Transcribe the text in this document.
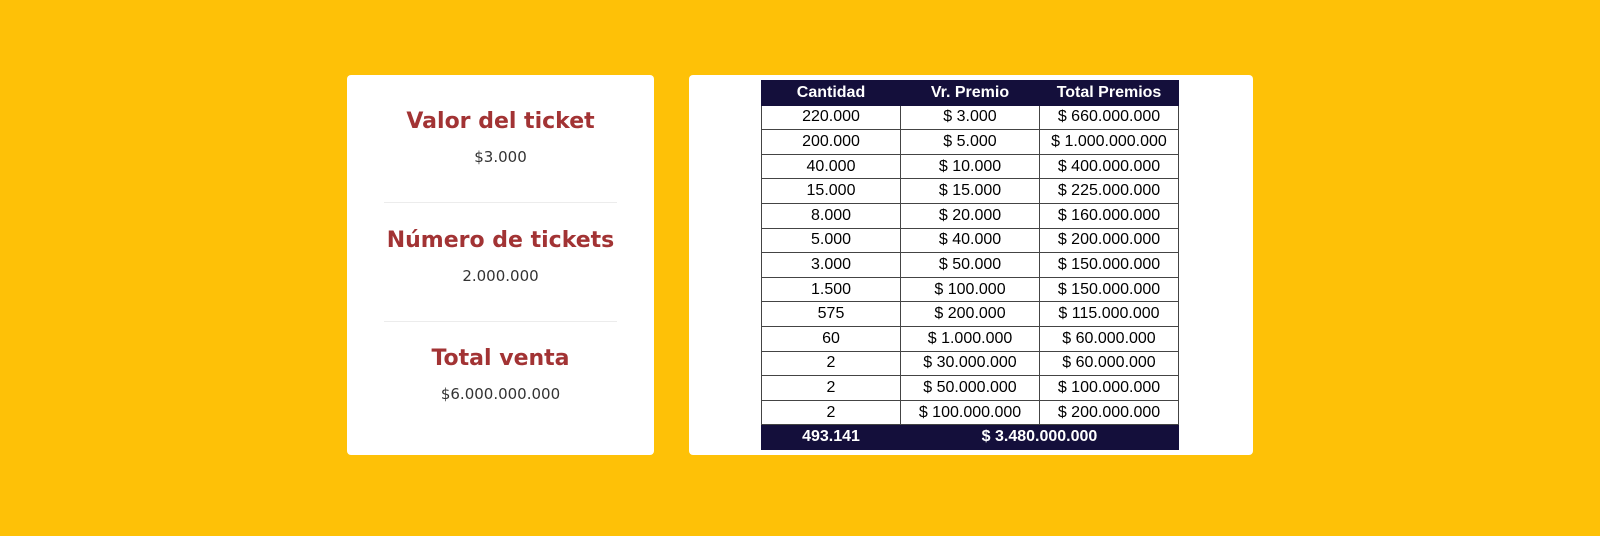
Valor del ticket
$3.000
Número de tickets
2.000.000
Total venta
$6.000.000.000
Cantidad	Vr. Premio	Total Premios
220.000	$ 3.000	$ 660.000.000
200.000	$ 5.000	$ 1.000.000.000
40.000	$ 10.000	$ 400.000.000
15.000	$ 15.000	$ 225.000.000
8.000	$ 20.000	$ 160.000.000
5.000	$ 40.000	$ 200.000.000
3.000	$ 50.000	$ 150.000.000
1.500	$ 100.000	$ 150.000.000
575	$ 200.000	$ 115.000.000
60	$ 1.000.000	$ 60.000.000
2	$ 30.000.000	$ 60.000.000
2	$ 50.000.000	$ 100.000.000
2	$ 100.000.000	$ 200.000.000
493.141	$ 3.480.000.000	
